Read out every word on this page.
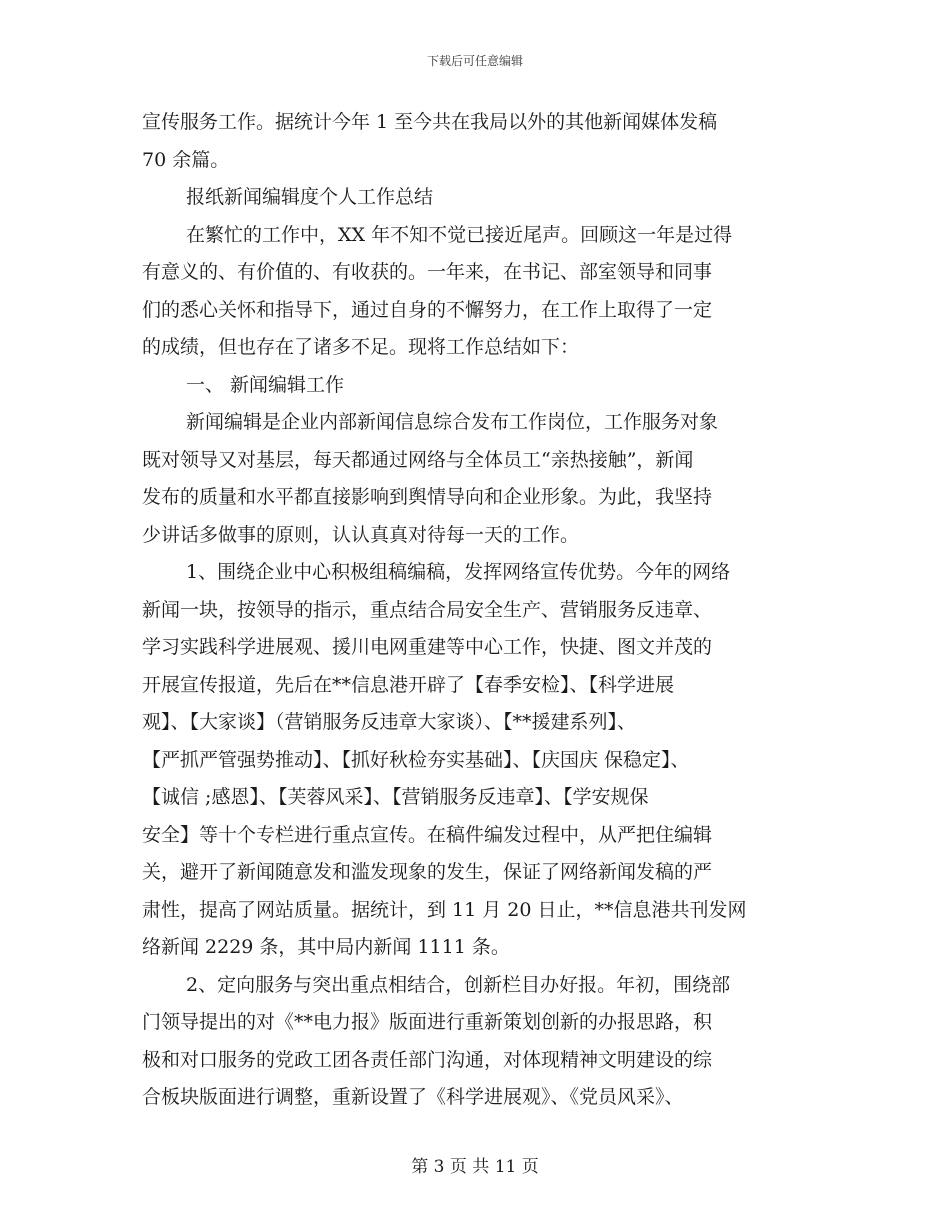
下载后可任意编辑
宣传服务工作。据统计今年 1 至今共在我局以外的其他新闻媒体发稿
70 余篇。
报纸新闻编辑度个人工作总结
在繁忙的工作中，XX 年不知不觉已接近尾声。回顾这一年是过得
有意义的、有价值的、有收获的。一年来，在书记、部室领导和同事
们的悉心关怀和指导下，通过自身的不懈努力，在工作上取得了一定
的成绩，但也存在了诸多不足。现将工作总结如下：
一、 新闻编辑工作
新闻编辑是企业内部新闻信息综合发布工作岗位，工作服务对象
既对领导又对基层，每天都通过网络与全体员工“亲热接触”，新闻
发布的质量和水平都直接影响到舆情导向和企业形象。为此，我坚持
少讲话多做事的原则，认认真真对待每一天的工作。
1、围绕企业中心积极组稿编稿，发挥网络宣传优势。今年的网络
新闻一块，按领导的指示，重点结合局安全生产、营销服务反违章、
学习实践科学进展观、援川电网重建等中心工作，快捷、图文并茂的
开展宣传报道，先后在**信息港开辟了【春季安检】、【科学进展
观】、【大家谈】（营销服务反违章大家谈）、【**援建系列】、
【严抓严管强势推动】、【抓好秋检夯实基础】、【庆国庆 保稳定】、
【诚信 ;感恩】、【芙蓉风采】、【营销服务反违章】、【学安规保
安全】等十个专栏进行重点宣传。在稿件编发过程中，从严把住编辑
关，避开了新闻随意发和滥发现象的发生，保证了网络新闻发稿的严
肃性，提高了网站质量。据统计，到 11 月 20 日止，**信息港共刊发网
络新闻 2229 条，其中局内新闻 1111 条。
2、定向服务与突出重点相结合，创新栏目办好报。年初，围绕部
门领导提出的对《**电力报》版面进行重新策划创新的办报思路，积
极和对口服务的党政工团各责任部门沟通，对体现精神文明建设的综
合板块版面进行调整，重新设置了《科学进展观》、《党员风采》、
第 3 页 共 11 页
